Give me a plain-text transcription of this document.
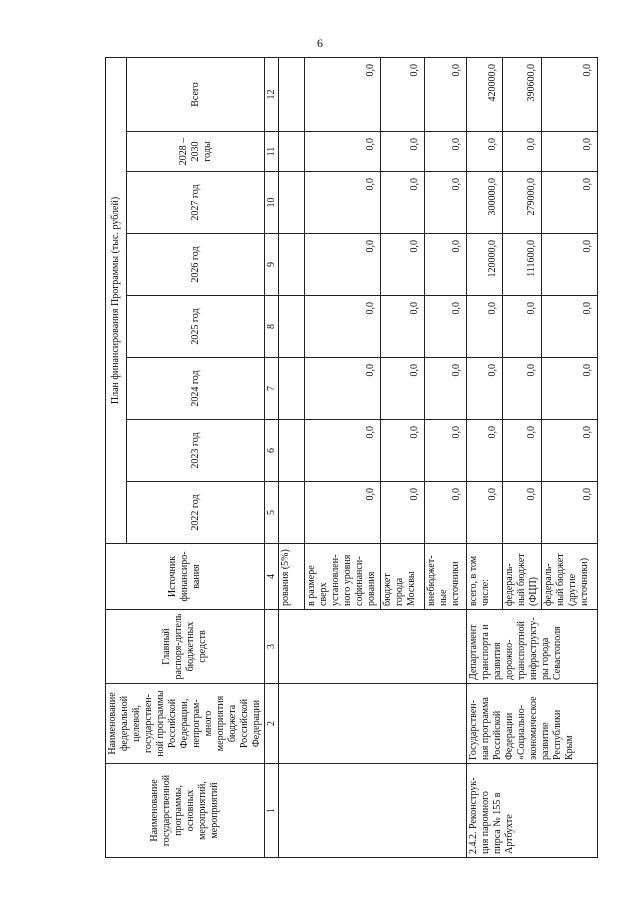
6
Наименование государственной программы, основных мероприятий, мероприятий	Наименование федеральной целевой, государствен-ной программы Российской Федерации, непрограм-много мероприятия бюджета Российской Федерации	Главный распоря-дитель бюджетных средств	Источник финансиро-вания	План финансирования Программы (тыс. рублей)							
				2022 год	2023 год	2024 год	2025 год	2026 год	2027 год	2028 – 2030 годы	Всего
1	2	3	4	5	6	7	8	9	10	11	12
			рования (5%)								
			в размере сверх установлен-ного уровня софинанси-рования	0,0	0,0	0,0	0,0	0,0	0,0	0,0	0,0
			бюджет города Москвы	0,0	0,0	0,0	0,0	0,0	0,0	0,0	0,0
			внебюджет-ные источники	0,0	0,0	0,0	0,0	0,0	0,0	0,0	0,0
2.4.2. Реконструк-ция паромного пирса № 155 в Артбухте	Государствен-ная программа Российской Федерации «Социально-экономическое развитие Республики Крым	Департамент транспорта и развития дорожно-транспортной инфраструкту-ры города Севастополя	всего, в том числе:	0,0	0,0	0,0	0,0	120000,0	300000,0	0,0	420000,0
			федераль-ный бюджет (ФЦП)	0,0	0,0	0,0	0,0	111600,0	279000,0	0,0	390600,0
			федераль-ный бюджет (другие источники)	0,0	0,0	0,0	0,0	0,0	0,0	0,0	0,0
